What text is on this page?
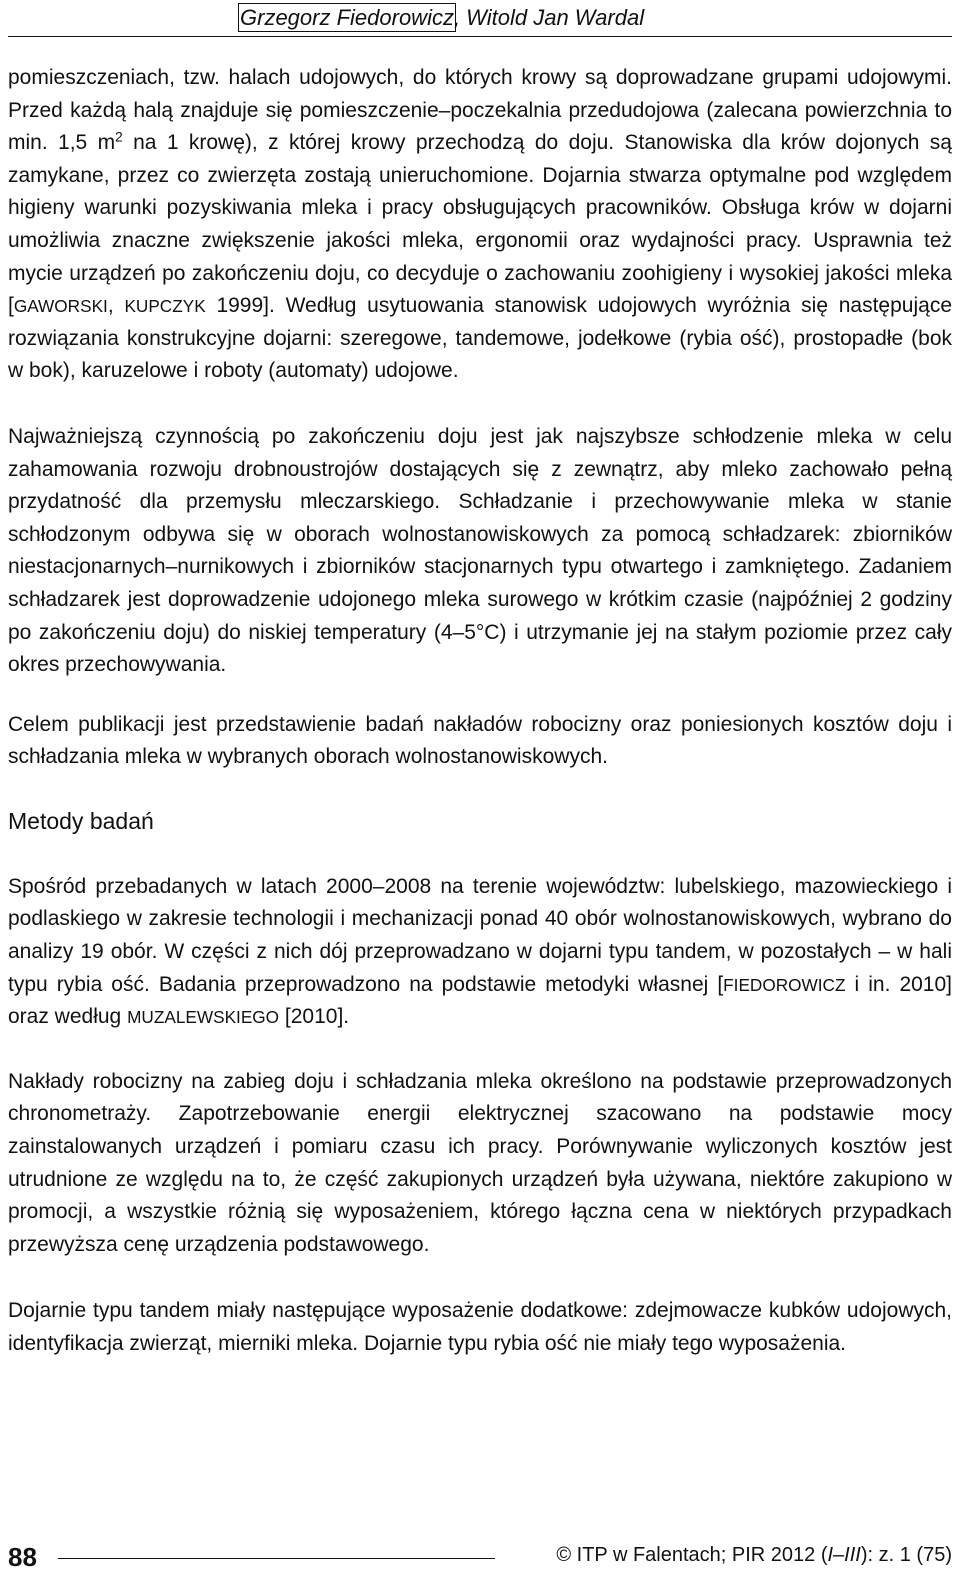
Grzegorz Fiedorowicz, Witold Jan Wardal

pomieszczeniach, tzw. halach udojowych, do których krowy są doprowadzane grupami udojowymi. Przed każdą halą znajduje się pomieszczenie–poczekalnia przedudojowa (zalecana powierzchnia to min. 1,5 $m^2$ na 1 krowę), z której krowy przechodzą do doju. Stanowiska dla krów dojonych są zamykane, przez co zwierzęta zostają unieruchomione. Dojarnia stwarza optymalne pod względem higieny warunki pozyskiwania mleka i pracy obsługujących pracowników. Obsługa krów w dojarni umożliwia znaczne zwiększenie jakości mleka, ergonomii oraz wydajności pracy. Usprawnia też mycie urządzeń po zakończeniu doju, co decyduje o zachowaniu zoohigieny i wysokiej jakości mleka [GAWORSKI, KUPCZYK 1999]. Według usytuowania stanowisk udojowych wyróżnia się następujące rozwiązania konstrukcyjne dojarni: szeregowe, tandemowe, jodełkowe (rybia ość), prostopadłe (bok w bok), karuzelowe i roboty (automaty) udojowe.

Najważniejszą czynnością po zakończeniu doju jest jak najszybsze schłodzenie mleka w celu zahamowania rozwoju drobnoustrojów dostających się z zewnątrz, aby mleko zachowało pełną przydatność dla przemysłu mleczarskiego. Schładzanie i przechowywanie mleka w stanie schłodzonym odbywa się w oborach wolnostanowiskowych za pomocą schładzarek: zbiorników niestacjonarnych–nurnikowych i zbiorników stacjonarnych typu otwartego i zamkniętego. Zadaniem schładzarek jest doprowadzenie udojonego mleka surowego w krótkim czasie (najpóźniej 2 godziny po zakończeniu doju) do niskiej temperatury (4–5°C) i utrzymanie jej na stałym poziomie przez cały okres przechowywania.

Celem publikacji jest przedstawienie badań nakładów robocizny oraz poniesionych kosztów doju i schładzania mleka w wybranych oborach wolnostanowiskowych.

Metody badań

Spośród przebadanych w latach 2000–2008 na terenie województw: lubelskiego, mazowieckiego i podlaskiego w zakresie technologii i mechanizacji ponad 40 obór wolnostanowiskowych, wybrano do analizy 19 obór. W części z nich dój przeprowadzano w dojarni typu tandem, w pozostałych – w hali typu rybia ość. Badania przeprowadzono na podstawie metodyki własnej [FIEDOROWICZ i in. 2010] oraz według MUZALEWSKIEGO [2010].

Nakłady robocizny na zabieg doju i schładzania mleka określono na podstawie przeprowadzonych chronometraży. Zapotrzebowanie energii elektrycznej szacowano na podstawie mocy zainstalowanych urządzeń i pomiaru czasu ich pracy. Porównywanie wyliczonych kosztów jest utrudnione ze względu na to, że część zakupionych urządzeń była używana, niektóre zakupiono w promocji, a wszystkie różnią się wyposażeniem, którego łączna cena w niektórych przypadkach przewyższa cenę urządzenia podstawowego.

Dojarnie typu tandem miały następujące wyposażenie dodatkowe: zdejmowacze kubków udojowych, identyfikacja zwierząt, mierniki mleka. Dojarnie typu rybia ość nie miały tego wyposażenia.

88	© ITP w Falentach; PIR 2012 (I–III): z. 1 (75)
